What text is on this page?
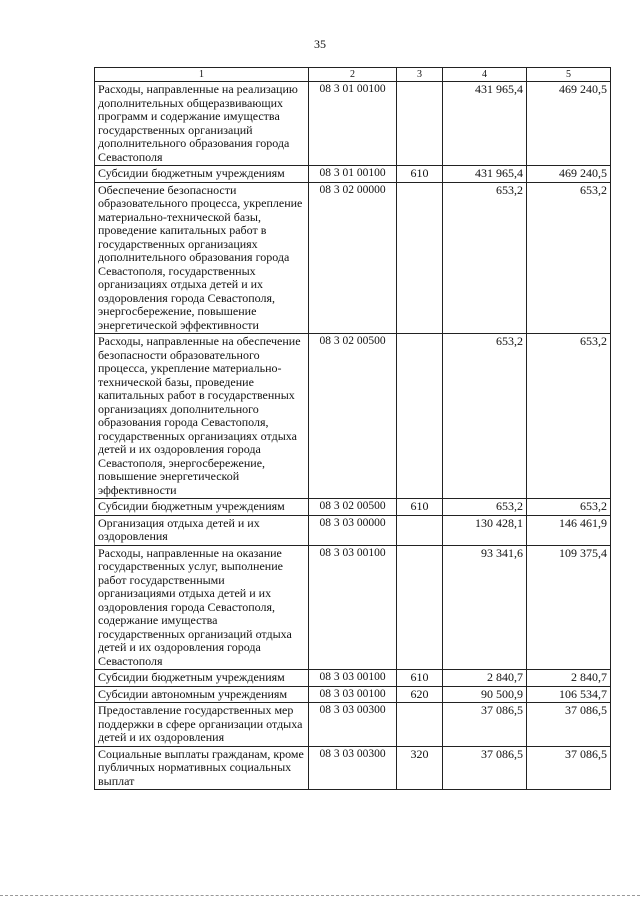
35
1	2	3	4	5
Расходы, направленные на реализацию дополнительных общеразвивающих программ и содержание имущества государственных организаций дополнительного образования города Севастополя	08 3 01 00100		431 965,4	469 240,5
Субсидии бюджетным учреждениям	08 3 01 00100	610	431 965,4	469 240,5
Обеспечение безопасности образовательного процесса, укрепление материально-технической базы, проведение капитальных работ в государственных организациях дополнительного образования города Севастополя, государственных организациях отдыха детей и их оздоровления города Севастополя, энергосбережение, повышение энергетической эффективности	08 3 02 00000		653,2	653,2
Расходы, направленные на обеспечение безопасности образовательного процесса, укрепление материально-технической базы, проведение капитальных работ в государственных организациях дополнительного образования города Севастополя, государственных организациях отдыха детей и их оздоровления города Севастополя, энергосбережение, повышение энергетической эффективности	08 3 02 00500		653,2	653,2
Субсидии бюджетным учреждениям	08 3 02 00500	610	653,2	653,2
Организация отдыха детей и их оздоровления	08 3 03 00000		130 428,1	146 461,9
Расходы, направленные на оказание государственных услуг, выполнение работ государственными организациями отдыха детей и их оздоровления города Севастополя, содержание имущества государственных организаций отдыха детей и их оздоровления города Севастополя	08 3 03 00100		93 341,6	109 375,4
Субсидии бюджетным учреждениям	08 3 03 00100	610	2 840,7	2 840,7
Субсидии автономным учреждениям	08 3 03 00100	620	90 500,9	106 534,7
Предоставление государственных мер поддержки в сфере организации отдыха детей и их оздоровления	08 3 03 00300		37 086,5	37 086,5
Социальные выплаты гражданам, кроме публичных нормативных социальных выплат	08 3 03 00300	320	37 086,5	37 086,5
